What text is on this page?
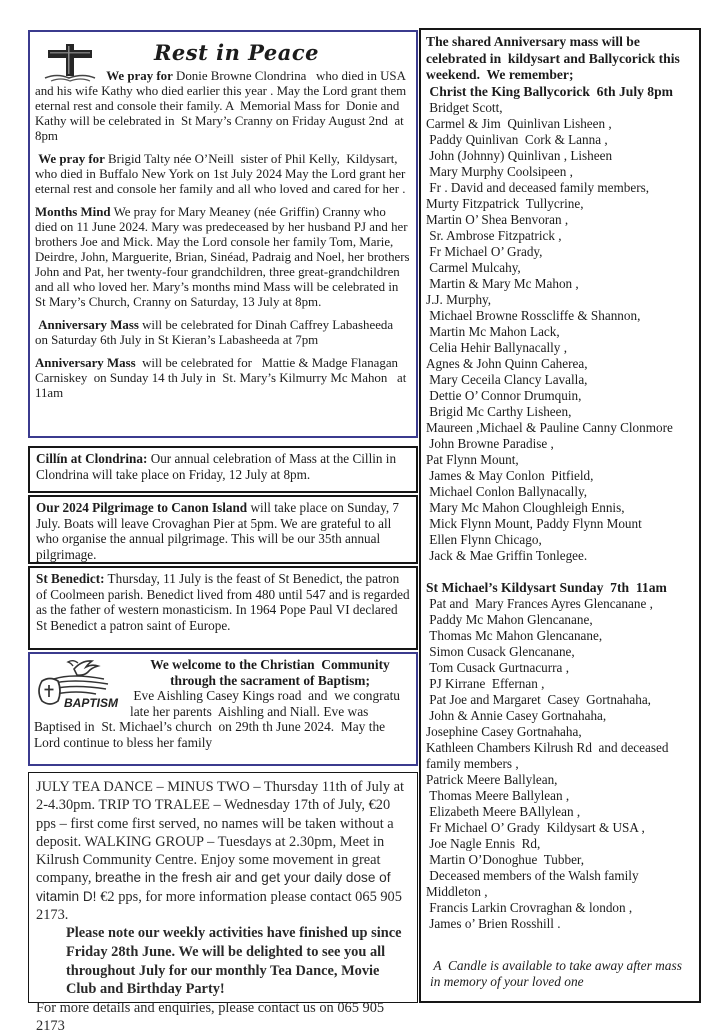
Rest in Peace

We pray for Donie Browne Clondrina   who died in USA and his wife Kathy who died earlier this year . May the Lord grant them eternal rest and console their family. A  Memorial Mass for  Donie and Kathy will be celebrated in  St Mary’s Cranny on Friday August 2nd  at 8pm

We pray for Brigid Talty née O’Neill  sister of Phil Kelly,  Kildysart, who died in Buffalo New York on 1st July 2024 May the Lord grant her eternal rest and console her family and all who loved and cared for her .

Months Mind We pray for Mary Meaney (née Griffin) Cranny who died on 11 June 2024. Mary was predeceased by her husband PJ and her brothers Joe and Mick. May the Lord console her family Tom, Marie, Deirdre, John, Marguerite, Brian, Sinéad, Padraig and Noel, her brothers John and Pat, her twenty-four grandchildren, three great-grandchildren and all who loved her. Mary’s months mind Mass will be celebrated in St Mary’s Church, Cranny on Saturday, 13 July at 8pm.

Anniversary Mass will be celebrated for Dinah Caffrey Labasheeda  on Saturday 6th July in St Kieran’s Labasheeda at 7pm

Anniversary Mass  will be celebrated for   Mattie & Madge Flanagan Carniskey  on Sunday 14 th July in  St. Mary’s Kilmurry Mc Mahon   at 11am

Cillín at Clondrina: Our annual celebration of Mass at the Cillin in Clondrina will take place on Friday, 12 July at 8pm.
Our 2024 Pilgrimage to Canon Island will take place on Sunday, 7 July. Boats will leave Crovaghan Pier at 5pm. We are grateful to all who organise the annual pilgrimage. This will be our 35th annual pilgrimage.
St Benedict: Thursday, 11 July is the feast of St Benedict, the patron of Coolmeen parish. Benedict lived from 480 until 547 and is regarded as the father of western monasticism. In 1964 Pope Paul VI declared St Benedict a patron saint of Europe.
BAPTISM
We welcome to the Christian  Community
through the sacrament of Baptism;
Eve Aishling Casey Kings road  and  we congratu late her parents  Aishling and Niall. Eve was Baptised in  St. Michael’s church  on 29th th June 2024.  May the Lord continue to bless her family

JULY TEA DANCE – MINUS TWO – Thursday 11th of July at 2-4.30pm. TRIP TO TRALEE – Wednesday 17th of July, €20 pps – first come first served, no names will be taken without a deposit. WALKING GROUP – Tuesdays at 2.30pm, Meet in Kilrush Community Centre. Enjoy some movement in great company, breathe in the fresh air and get your daily dose of vitamin D! €2 pps, for more information please contact 065 905 2173.

Please note our weekly activities have finished up since Friday 28th June. We will be delighted to see you all throughout July for our monthly Tea Dance, Movie Club and Birthday Party!

For more details and enquiries, please contact us on 065 905 2173

The shared Anniversary mass will be celebrated in  kildysart and Ballycorick this weekend.  We remember;

Christ the King Ballycorick  6th July 8pm

Bridget Scott,
Carmel & Jim  Quinlivan Lisheen ,
Paddy Quinlivan  Cork & Lanna ,
John (Johnny) Quinlivan , Lisheen
Mary Murphy Coolsipeen ,
Fr . David and deceased family members,
Murty Fitzpatrick  Tullycrine,
Martin O’ Shea Benvoran ,
Sr. Ambrose Fitzpatrick ,
Fr Michael O’ Grady,
Carmel Mulcahy,
Martin & Mary Mc Mahon ,
J.J. Murphy,
Michael Browne Rosscliffe & Shannon,
Martin Mc Mahon Lack,
Celia Hehir Ballynacally ,
Agnes & John Quinn Caherea,
Mary Ceceila Clancy Lavalla,
Dettie O’ Connor Drumquin,
Brigid Mc Carthy Lisheen,
Maureen ,Michael & Pauline Canny Clonmore
John Browne Paradise ,
Pat Flynn Mount,
James & May Conlon  Pitfield,
Michael Conlon Ballynacally,
Mary Mc Mahon Cloughleigh Ennis,
Mick Flynn Mount, Paddy Flynn Mount
Ellen Flynn Chicago,
Jack & Mae Griffin Tonlegee.

St Michael’s Kildysart Sunday  7th  11am

Pat and  Mary Frances Ayres Glencanane ,
Paddy Mc Mahon Glencanane,
Thomas Mc Mahon Glencanane,
Simon Cusack Glencanane,
Tom Cusack Gurtnacurra ,
PJ Kirrane  Effernan ,
Pat Joe and Margaret  Casey  Gortnahaha,
John & Annie Casey Gortnahaha,
Josephine Casey Gortnahaha,
Kathleen Chambers Kilrush Rd  and deceased family members ,
Patrick Meere Ballylean,
Thomas Meere Ballylean ,
Elizabeth Meere BAllylean ,
Fr Michael O’ Grady  Kildysart & USA ,
Joe Nagle Ennis  Rd,
Martin O’Donoghue  Tubber,
Deceased members of the Walsh family Middleton ,
Francis Larkin Crovraghan & london ,
James o’ Brien Rosshill .

A  Candle is available to take away after mass in memory of your loved one
